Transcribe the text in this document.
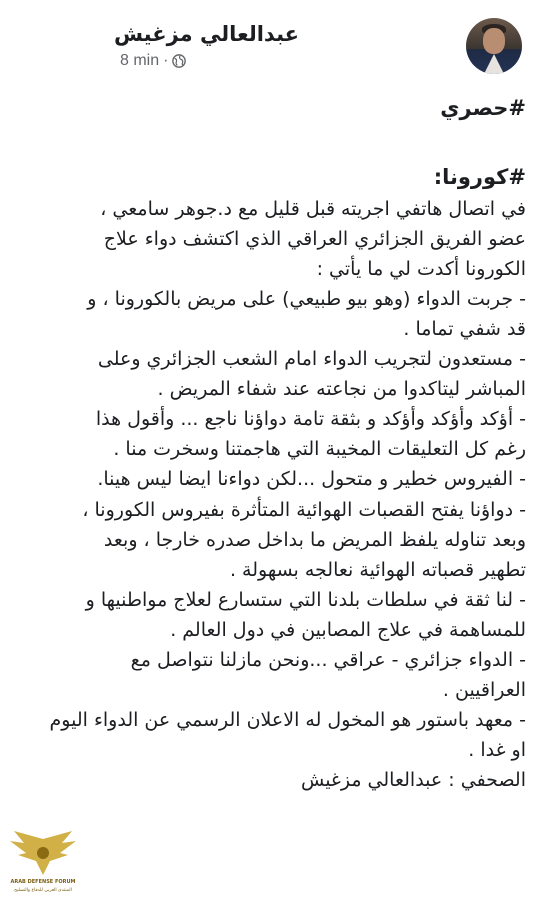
عبدالعالي مزغيش
8 min ·

#حصري

#كورونا:

في اتصال هاتفي اجريته قبل قليل مع د.جوهر سامعي ،

عضو الفريق الجزائري العراقي الذي اكتشف دواء علاج

الكورونا أكدت لي ما يأتي :

- جربت الدواء (وهو بيو طبيعي) على مريض بالكورونا ، و

قد شفي تماما .

- مستعدون لتجريب الدواء امام الشعب الجزائري وعلى

المباشر ليتاكدوا من نجاعته عند شفاء المريض .

- أؤكد وأؤكد وأؤكد و بثقة تامة دواؤنا ناجع ... وأقول هذا

رغم كل التعليقات المخيبة التي هاجمتنا وسخرت منا .

- الفيروس خطير و متحول ...لكن دواءنا ايضا ليس هينا.

- دواؤنا يفتح القصبات الهوائية المتأثرة بفيروس الكورونا ،

وبعد تناوله يلفظ المريض ما بداخل صدره خارجا ، وبعد

تطهير قصباته الهوائية نعالجه بسهولة .

- لنا ثقة في سلطات بلدنا التي ستسارع لعلاج مواطنيها و

للمساهمة في علاج المصابين في دول العالم .

- الدواء جزائري - عراقي ...ونحن مازلنا نتواصل مع

العراقيين .

- معهد باستور هو المخول له الاعلان الرسمي عن الدواء اليوم

او غدا .

الصحفي : عبدالعالي مزغيش

ARAB DEFENSE FORUM
المنتدى العربي للدفاع والتسليح
